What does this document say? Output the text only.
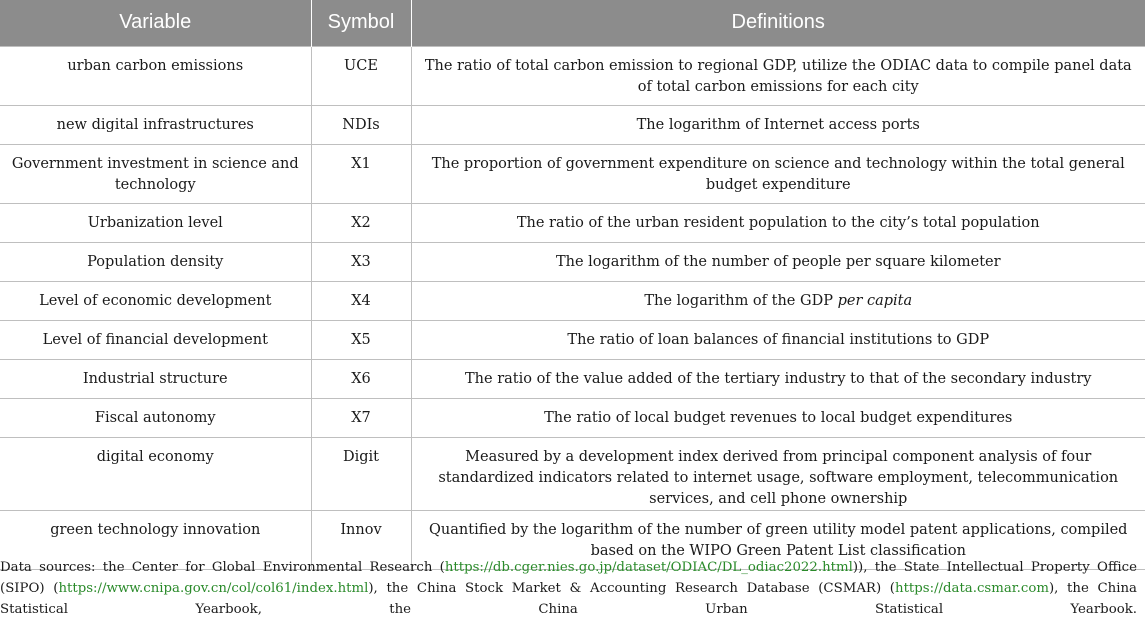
Variable	Symbol	Definitions
urban carbon emissions	UCE	The ratio of total carbon emission to regional GDP, utilize the ODIAC data to compile panel data of total carbon emissions for each city
new digital infrastructures	NDIs	The logarithm of Internet access ports
Government investment in science and technology	X1	The proportion of government expenditure on science and technology within the total general budget expenditure
Urbanization level	X2	The ratio of the urban resident population to the city’s total population
Population density	X3	The logarithm of the number of people per square kilometer
Level of economic development	X4	The logarithm of the GDP per capita
Level of financial development	X5	The ratio of loan balances of financial institutions to GDP
Industrial structure	X6	The ratio of the value added of the tertiary industry to that of the secondary industry
Fiscal autonomy	X7	The ratio of local budget revenues to local budget expenditures
digital economy	Digit	Measured by a development index derived from principal component analysis of four standardized indicators related to internet usage, software employment, telecommunication services, and cell phone ownership
green technology innovation	Innov	Quantified by the logarithm of the number of green utility model patent applications, compiled based on the WIPO Green Patent List classification

Data sources: the Center for Global Environmental Research (https://db.cger.nies.go.jp/dataset/ODIAC/DL_odiac2022.html)), the State Intellectual Property Office (SIPO) (https://www.cnipa.gov.cn/col/col61/index.html), the China Stock Market & Accounting Research Database (CSMAR) (https://data.csmar.com), the China Statistical Yearbook, the China Urban Statistical Yearbook.
